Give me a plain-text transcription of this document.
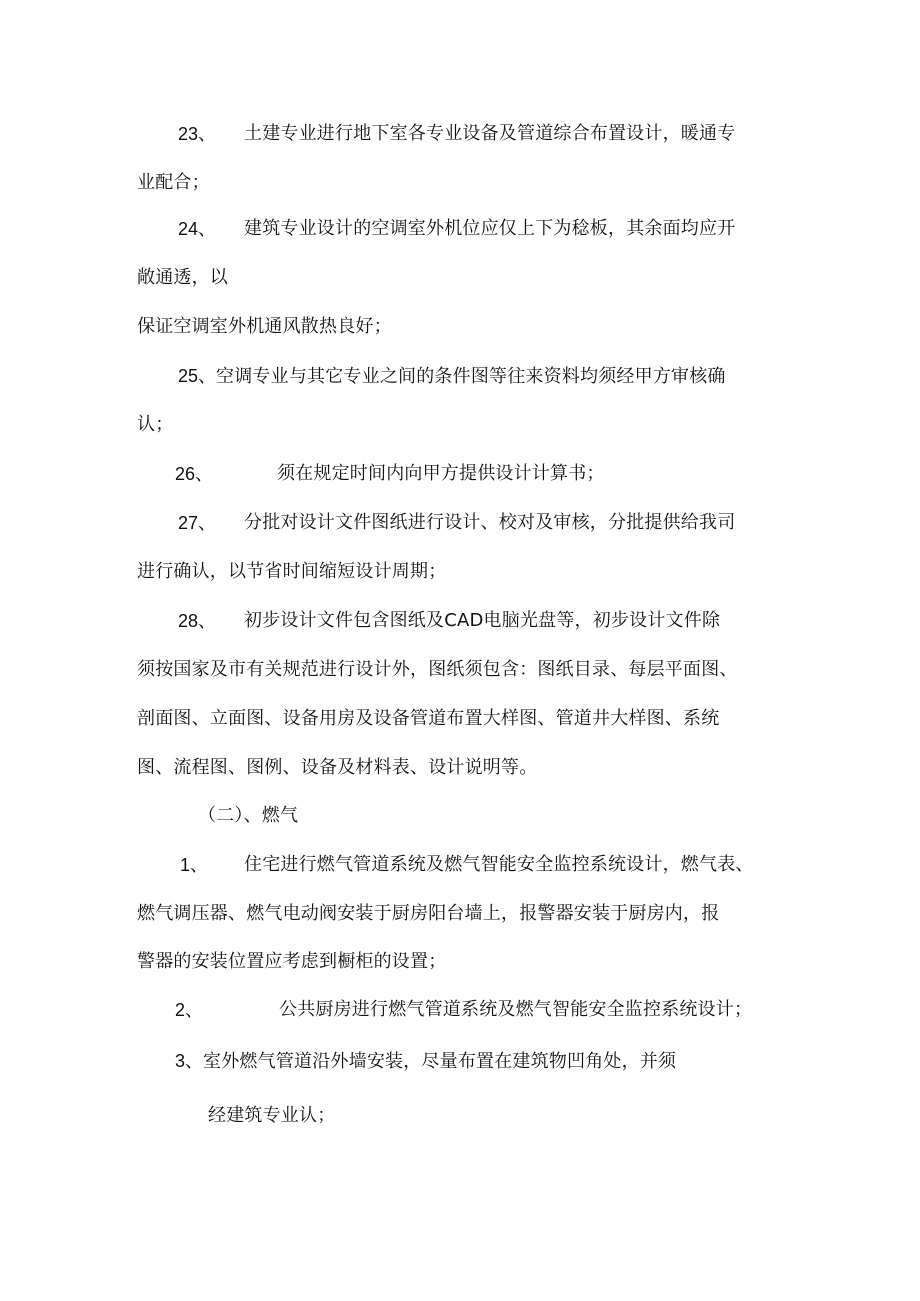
23、 土建专业进行地下室各专业设备及管道综合布置设计，暖通专
业配合；
24、 建筑专业设计的空调室外机位应仅上下为稔板，其余面均应开
敞通透，以
保证空调室外机通风散热良好；
25、空调专业与其它专业之间的条件图等往来资料均须经甲方审核确
认；
26、	须在规定时间内向甲方提供设计计算书；
27、 分批对设计文件图纸进行设计、校对及审核，分批提供给我司
进行确认，以节省时间缩短设计周期；
28、 初步设计文件包含图纸及CAD电脑光盘等，初步设计文件除
须按国家及市有关规范进行设计外，图纸须包含：图纸目录、每层平面图、
剖面图、立面图、设备用房及设备管道布置大样图、管道井大样图、系统
图、流程图、图例、设备及材料表、设计说明等。
（二）、燃气
1、 住宅进行燃气管道系统及燃气智能安全监控系统设计，燃气表、
燃气调压器、燃气电动阀安装于厨房阳台墙上，报警器安装于厨房内，报
警器的安装位置应考虑到橱柜的设置；
2、	公共厨房进行燃气管道系统及燃气智能安全监控系统设计；
3、室外燃气管道沿外墙安装，尽量布置在建筑物凹角处，并须
经建筑专业认；
